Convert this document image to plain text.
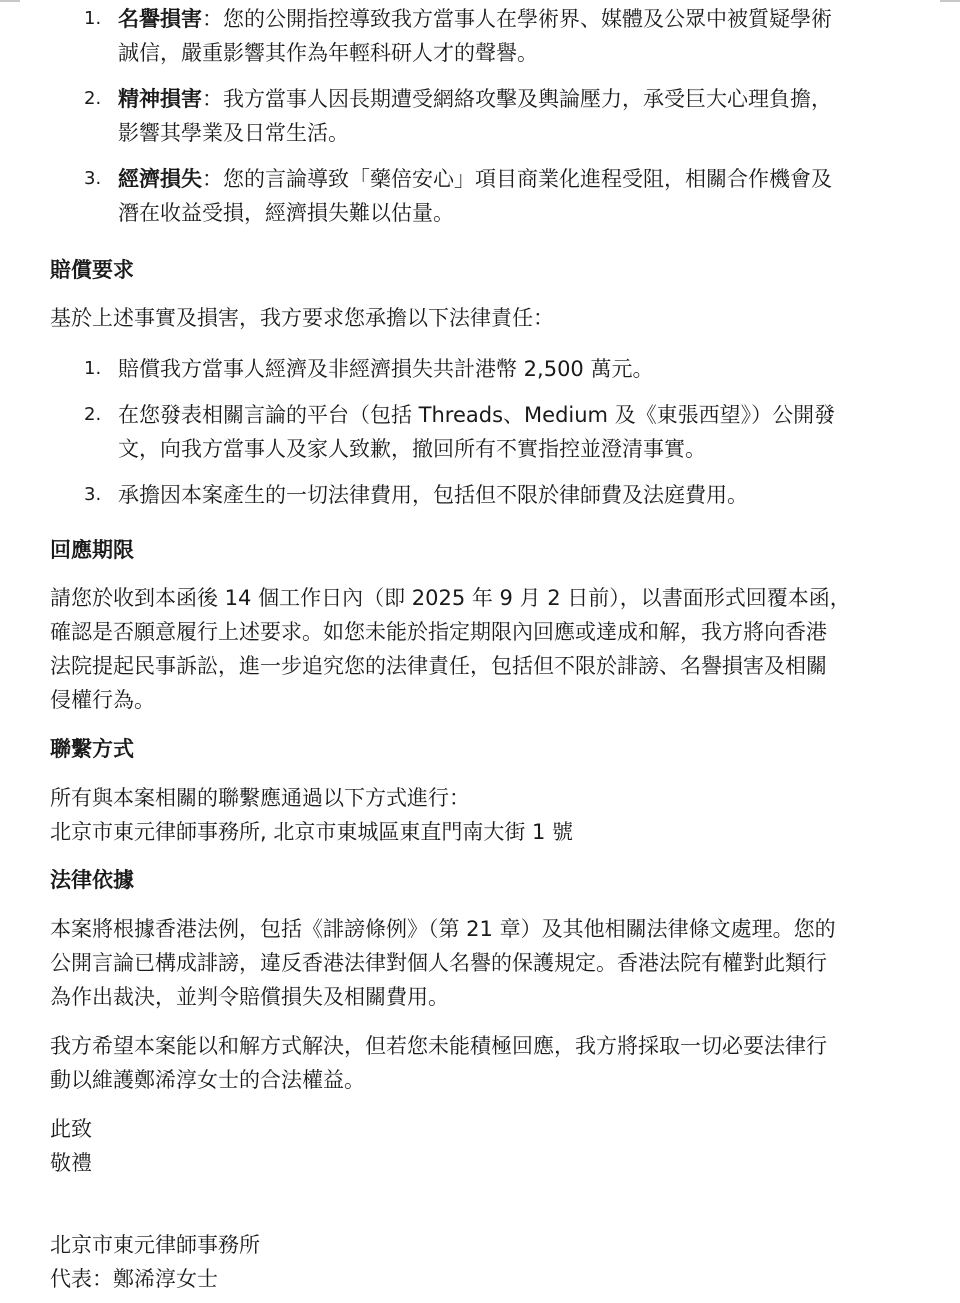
1. 名譽損害：您的公開指控導致我方當事人在學術界、媒體及公眾中被質疑學術
誠信，嚴重影響其作為年輕科研人才的聲譽。
2. 精神損害：我方當事人因長期遭受網絡攻擊及輿論壓力，承受巨大心理負擔，
影響其學業及日常生活。
3. 經濟損失：您的言論導致「藥倍安心」項目商業化進程受阻，相關合作機會及
潛在收益受損，經濟損失難以估量。
賠償要求

基於上述事實及損害，我方要求您承擔以下法律責任：

1. 賠償我方當事人經濟及非經濟損失共計港幣 2,500 萬元。
2. 在您發表相關言論的平台（包括 Threads、Medium 及《東張西望》）公開發
文，向我方當事人及家人致歉，撤回所有不實指控並澄清事實。
3. 承擔因本案產生的一切法律費用，包括但不限於律師費及法庭費用。
回應期限
請您於收到本函後 14 個工作日內（即 2025 年 9 月 2 日前），以書面形式回覆本函，
確認是否願意履行上述要求。如您未能於指定期限內回應或達成和解，我方將向香港
法院提起民事訴訟，進一步追究您的法律責任，包括但不限於誹謗、名譽損害及相關
侵權行為。
聯繫方式
所有與本案相關的聯繫應通過以下方式進行：
北京市東元律師事務所, 北京市東城區東直門南大街 1 號
法律依據
本案將根據香港法例，包括《誹謗條例》（第 21 章）及其他相關法律條文處理。您的
公開言論已構成誹謗，違反香港法律對個人名譽的保護規定。香港法院有權對此類行
為作出裁決，並判令賠償損失及相關費用。
我方希望本案能以和解方式解決，但若您未能積極回應，我方將採取一切必要法律行
動以維護鄭浠淳女士的合法權益。
此致
敬禮
北京市東元律師事務所
代表：鄭浠淳女士
